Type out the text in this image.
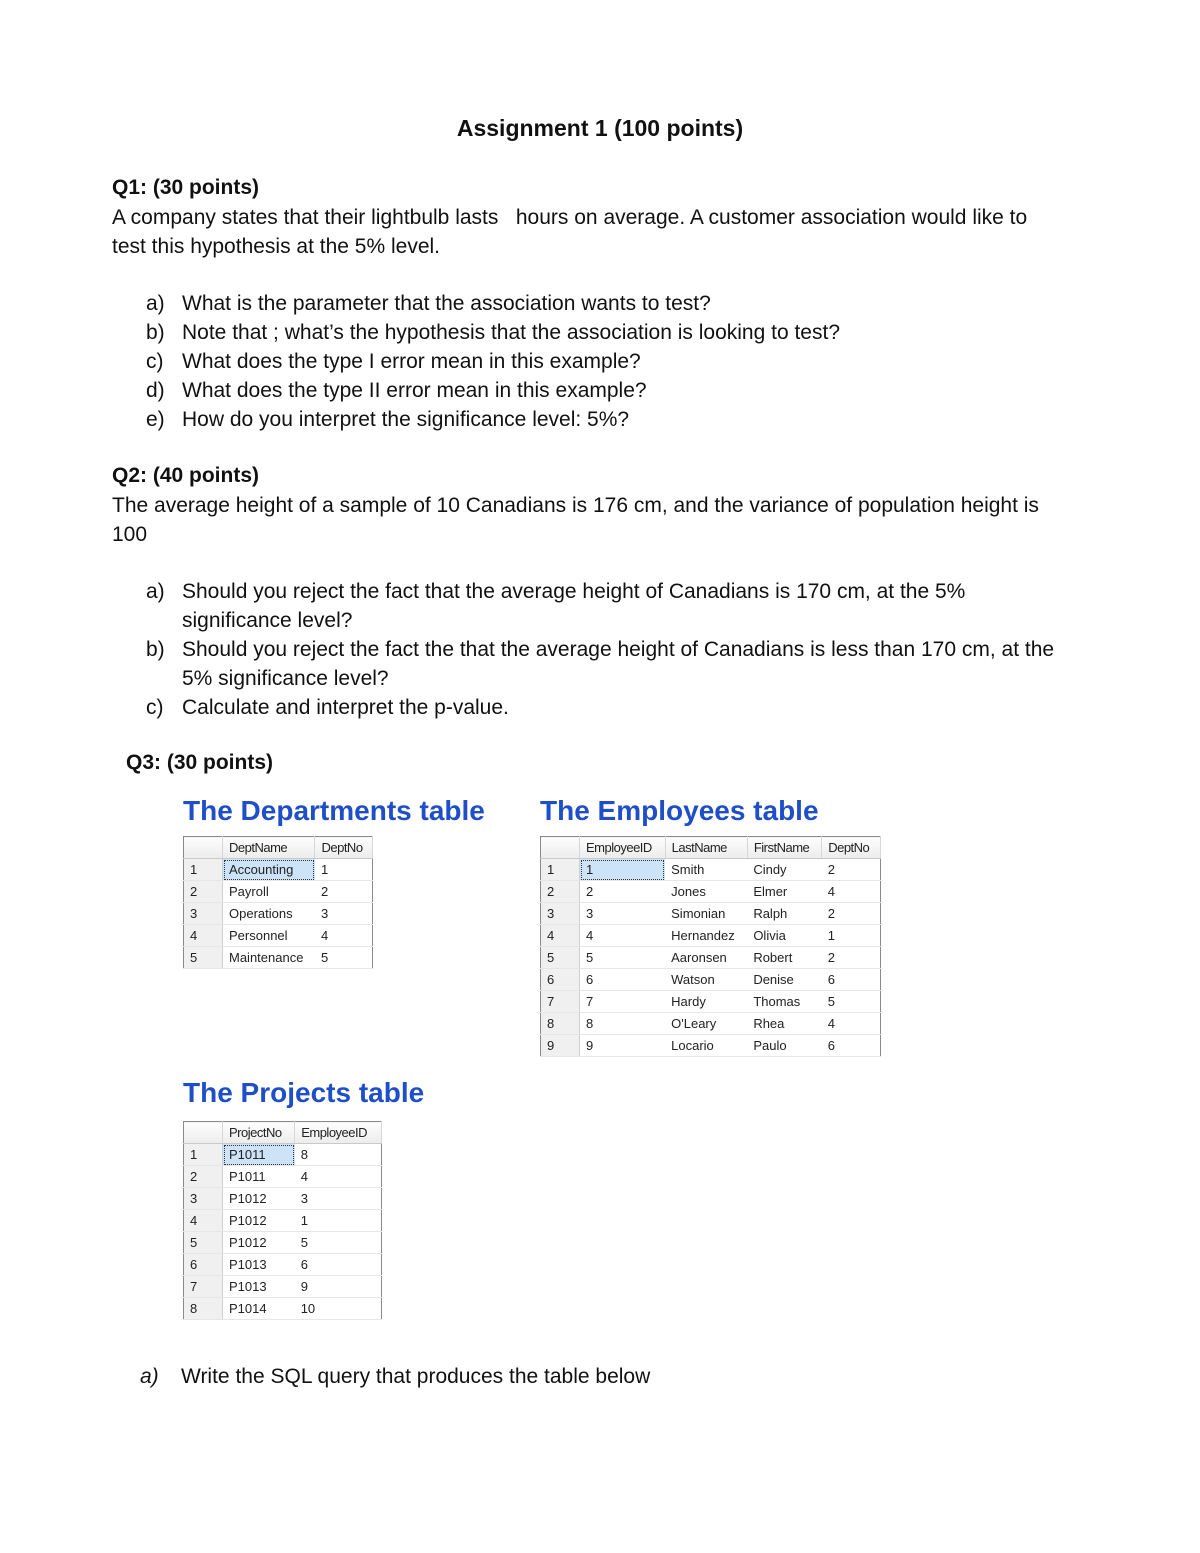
Assignment 1 (100 points)
Q1: (30 points)
A company states that their lightbulb lasts   hours on average. A customer association would like to
test this hypothesis at the 5% level.
a) What is the parameter that the association wants to test?
b) Note that ; what’s the hypothesis that the association is looking to test?
c) What does the type I error mean in this example?
d) What does the type II error mean in this example?
e) How do you interpret the significance level: 5%?
Q2: (40 points)
The average height of a sample of 10 Canadians is 176 cm, and the variance of population height is
100
a) Should you reject the fact that the average height of Canadians is 170 cm, at the 5%
significance level?
b) Should you reject the fact the that the average height of Canadians is less than 170 cm, at the
5% significance level?
c) Calculate and interpret the p-value.
Q3: (30 points)
The Departments table The Employees table
	DeptName	DeptNo
1	Accounting	1
2	Payroll	2
3	Operations	3
4	Personnel	4
5	Maintenance	5
	EmployeeID	LastName	FirstName	DeptNo
1	1	Smith	Cindy	2
2	2	Jones	Elmer	4
3	3	Simonian	Ralph	2
4	4	Hernandez	Olivia	1
5	5	Aaronsen	Robert	2
6	6	Watson	Denise	6
7	7	Hardy	Thomas	5
8	8	O'Leary	Rhea	4
9	9	Locario	Paulo	6
The Projects table
	ProjectNo	EmployeeID
1	P1011	8
2	P1011	4
3	P1012	3
4	P1012	1
5	P1012	5
6	P1013	6
7	P1013	9
8	P1014	10
a)	Write the SQL query that produces the table below
